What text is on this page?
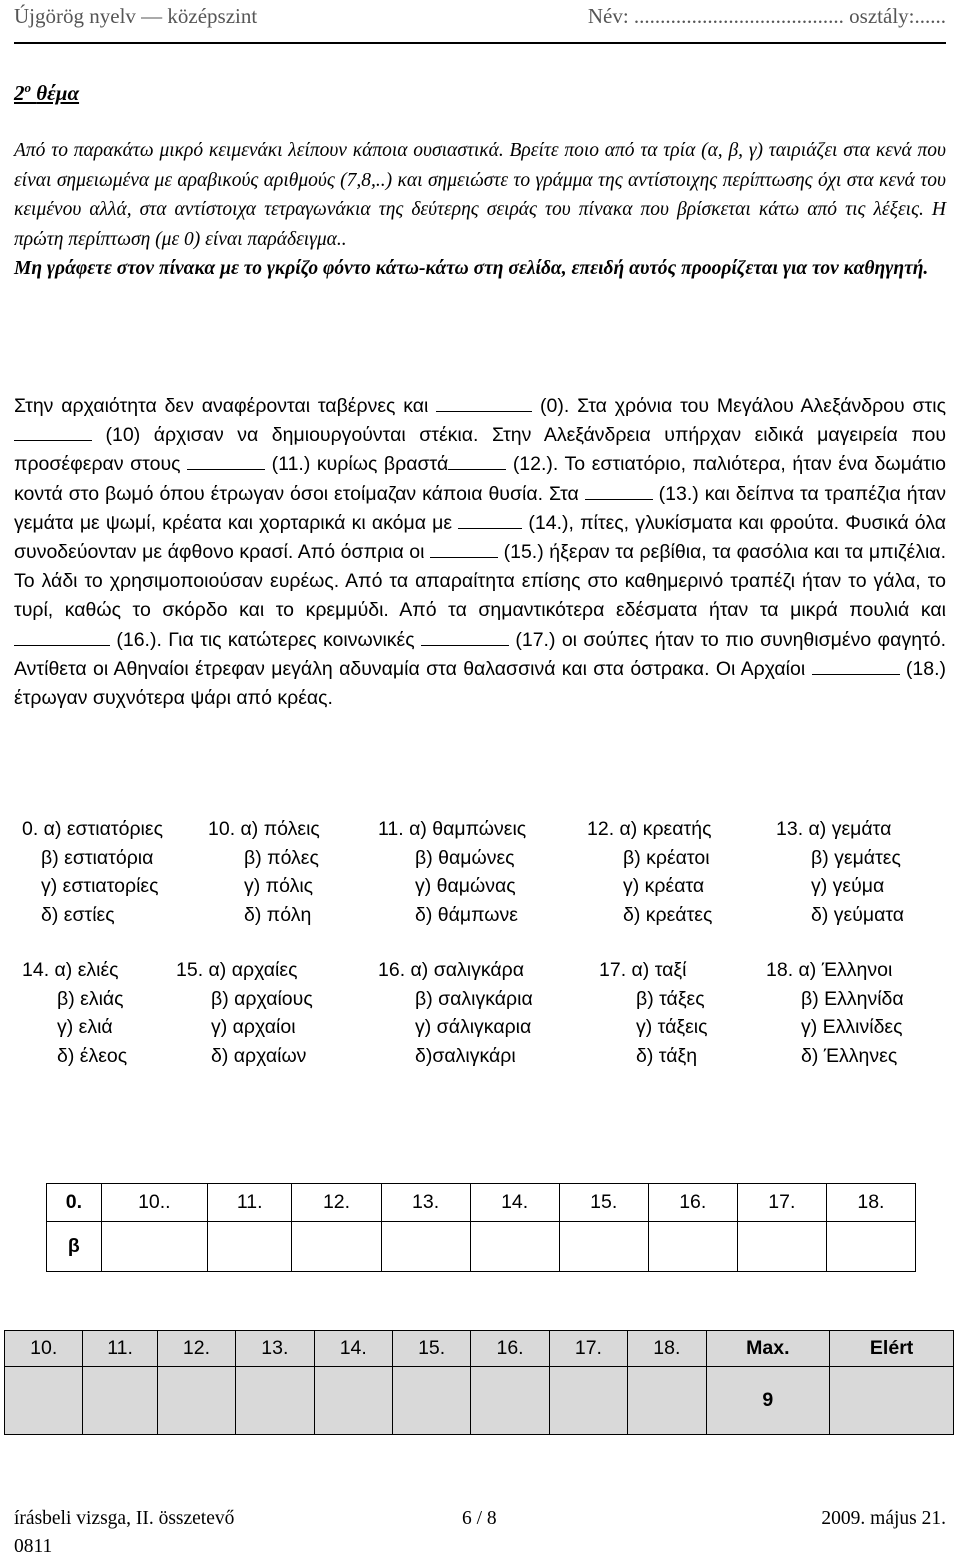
Újgörög nyelv — középszint	Név: ........................................ osztály:......
2$^o$ θέμα
Από το παρακάτω μικρό κειμενάκι λείπουν κάποια ουσιαστικά. Βρείτε ποιο από τα τρία (α, β, γ) ταιριάζει στα κενά που είναι σημειωμένα με αραβικούς αριθμούς (7,8,..) και σημειώστε το γράμμα της αντίστοιχης περίπτωσης όχι στα κενά του κειμένου αλλά, στα αντίστοιχα τετραγωνάκια της δεύτερης σειράς του πίνακα που βρίσκεται κάτω από τις λέξεις. Η πρώτη περίπτωση (με 0) είναι παράδειγμα..
Μη γράφετε στον πίνακα με το γκρίζο φόντο κάτω-κάτω στη σελίδα, επειδή αυτός προορίζεται για τον καθηγητή.
Στην αρχαιότητα δεν αναφέρονται ταβέρνες και	(0). Στα χρόνια του Μεγάλου Αλεξάνδρου στις  (10) άρχισαν να δημιουργούνται στέκια. Στην Αλεξάνδρεια υπήρχαν ειδικά μαγειρεία που προσέφεραν στους	(11.) κυρίως βραστά	(12.). Το εστιατόριο, παλιότερα, ήταν ένα δωμάτιο κοντά στο βωμό όπου έτρωγαν όσοι ετοίμαζαν κάποια θυσία. Στα	(13.) και δείπνα τα τραπέζια ήταν γεμάτα με ψωμί, κρέατα και χορταρικά κι ακόμα με	(14.), πίτες, γλυκίσματα και φρούτα. Φυσικά όλα συνοδεύονταν με άφθονο κρασί. Από όσπρια οι	(15.) ήξεραν τα ρεβίθια, τα φασόλια και τα μπιζέλια. Το λάδι το χρησιμοποιούσαν ευρέως. Από τα απαραίτητα επίσης στο καθημερινό τραπέζι ήταν το γάλα, το τυρί, καθώς το σκόρδο και το κρεμμύδι. Από τα σημαντικότερα εδέσματα ήταν τα μικρά πουλιά και  (16.). Για τις κατώτερες κοινωνικές	(17.) οι σούπες ήταν το πιο συνηθισμένο φαγητό. Αντίθετα οι Αθηναίοι έτρεφαν μεγάλη αδυναμία στα θαλασσινά και στα όστρακα. Οι Αρχαίοι	(18.) έτρωγαν συχνότερα ψάρι από κρέας.
0. α) εστιατόριες
β) εστιατόρια
γ) εστιατορίες
δ) εστίες
10. α) πόλεις
β) πόλες
γ) πόλις
δ) πόλη
11. α) θαμπώνεις
β) θαμώνες
γ) θαμώνας
δ) θάμπωνε
12. α) κρεατής
β) κρέατοι
γ) κρέατα
δ) κρεάτες
13. α) γεμάτα
β) γεμάτες
γ) γεύμα
δ) γεύματα
14. α) ελιές
β) ελιάς
γ) ελιά
δ) έλεος
15. α) αρχαίες
β) αρχαίους
γ) αρχαίοι
δ) αρχαίων
16. α) σαλιγκάρα
β) σαλιγκάρια
γ) σάλιγκαρια
δ)σαλιγκάρι
17. α) ταξί
β) τάξες
γ) τάξεις
δ) τάξη
18. α) Έλληνοι
β) Ελληνίδα
γ) Ελλινίδες
δ) Έλληνες
0.	10..	11.	12.	13.	14.	15.	16.	17.	18.
β									
10.	11.	12.	13.	14.	15.	16.	17.	18.	Max.	Elért
									9	
írásbeli vizsga, II. összetevő	6 / 8	2009. május 21.
0811
